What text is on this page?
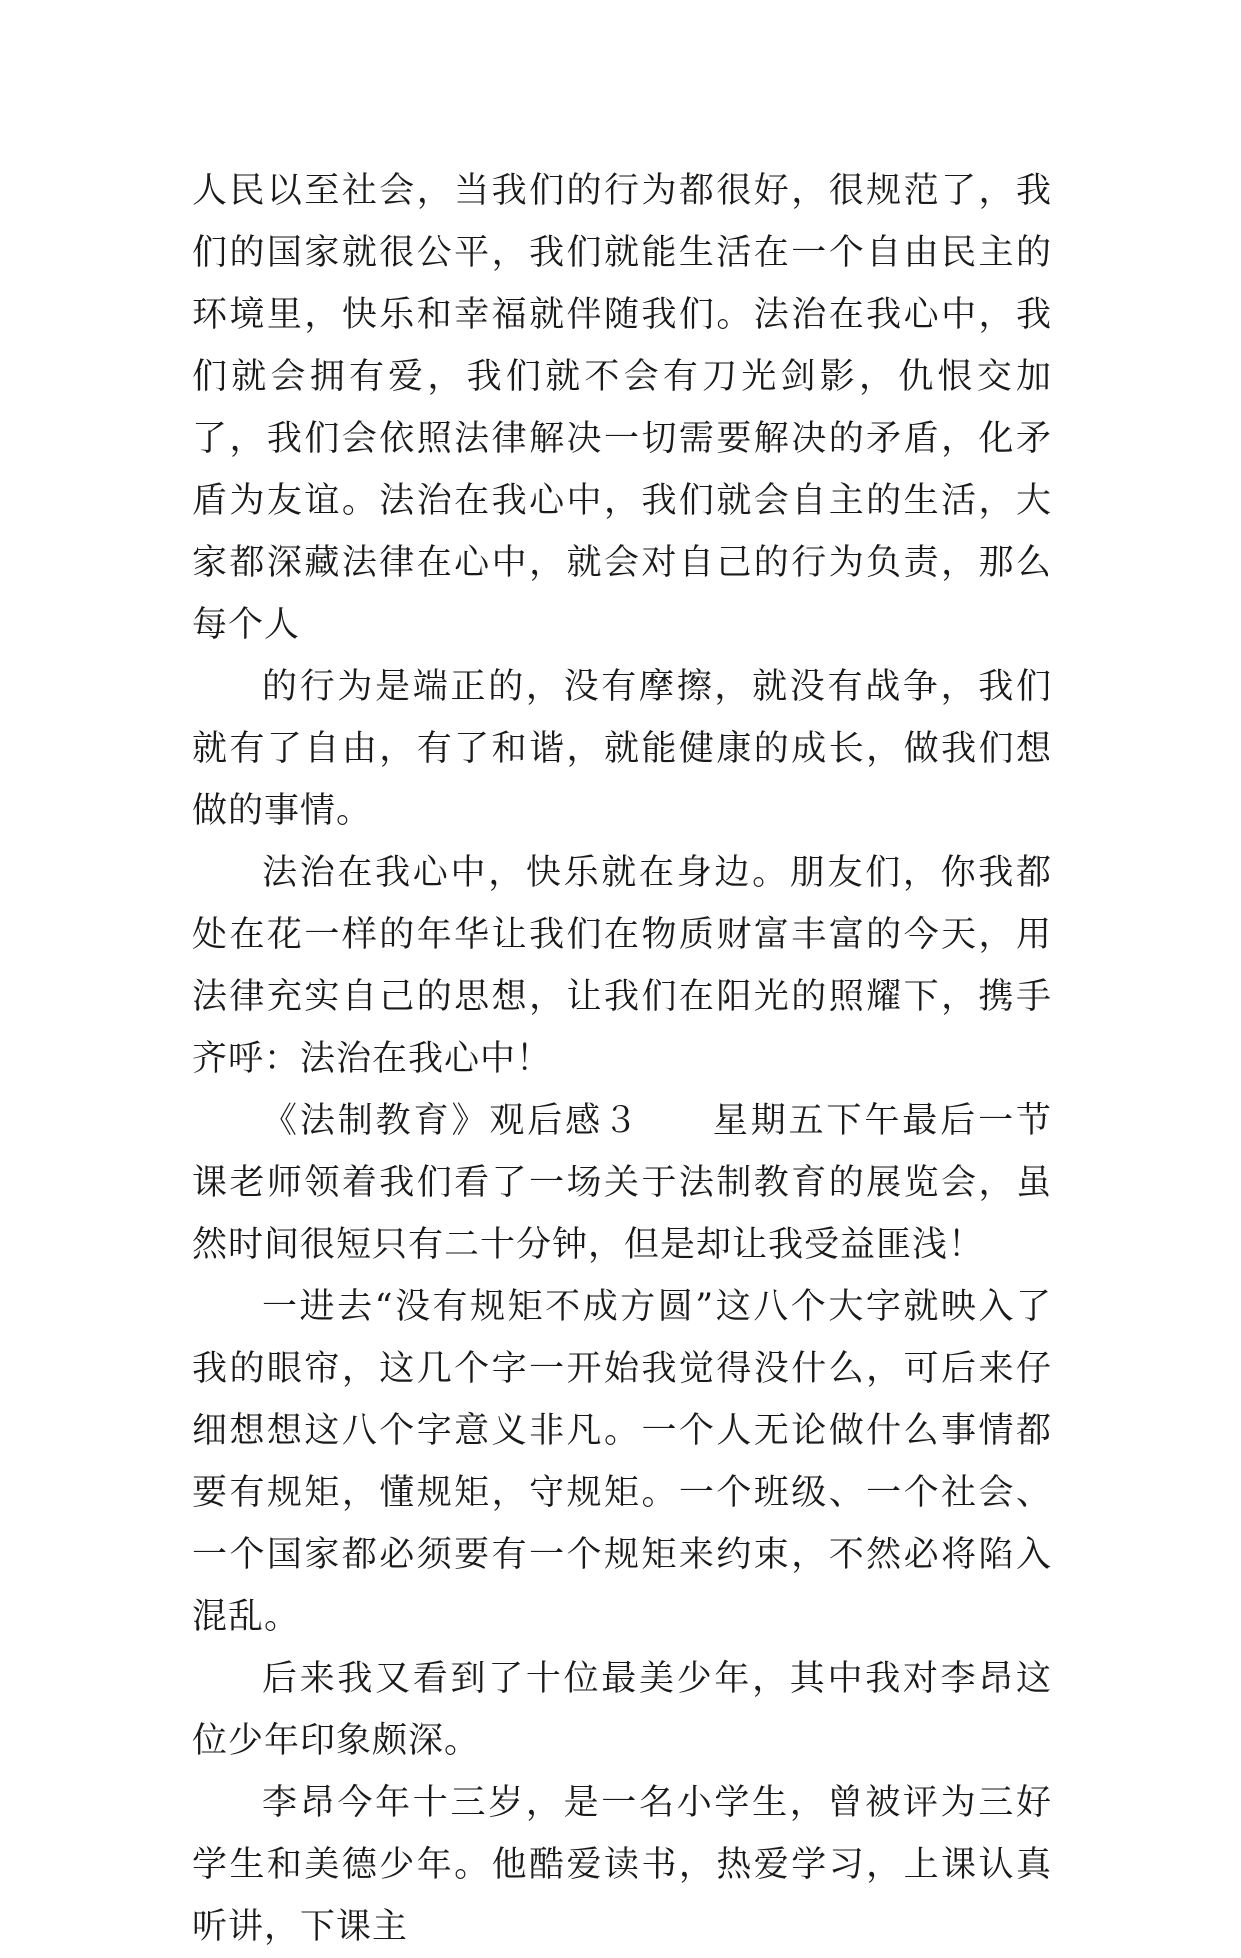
人民以至社会，当我们的行为都很好，很规范了，我们的国家就很公平，我们就能生活在一个自由民主的环境里，快乐和幸福就伴随我们。法治在我心中，我们就会拥有爱，我们就不会有刀光剑影，仇恨交加了，我们会依照法律解决一切需要解决的矛盾，化矛盾为友谊。法治在我心中，我们就会自主的生活，大家都深藏法律在心中，就会对自己的行为负责，那么每个人

的行为是端正的，没有摩擦，就没有战争，我们就有了自由，有了和谐，就能健康的成长，做我们想做的事情。

法治在我心中，快乐就在身边。朋友们，你我都处在花一样的年华让我们在物质财富丰富的今天，用法律充实自己的思想，让我们在阳光的照耀下，携手齐呼：法治在我心中！

《法制教育》观后感３ 星期五下午最后一节课老师领着我们看了一场关于法制教育的展览会，虽然时间很短只有二十分钟，但是却让我受益匪浅！

一进去“没有规矩不成方圆”这八个大字就映入了我的眼帘，这几个字一开始我觉得没什么，可后来仔细想想这八个字意义非凡。一个人无论做什么事情都要有规矩，懂规矩，守规矩。一个班级、一个社会、一个国家都必须要有一个规矩来约束，不然必将陷入混乱。

后来我又看到了十位最美少年，其中我对李昂这位少年印象颇深。

李昂今年十三岁，是一名小学生，曾被评为三好学生和美德少年。他酷爱读书，热爱学习，上课认真听讲，下课主
